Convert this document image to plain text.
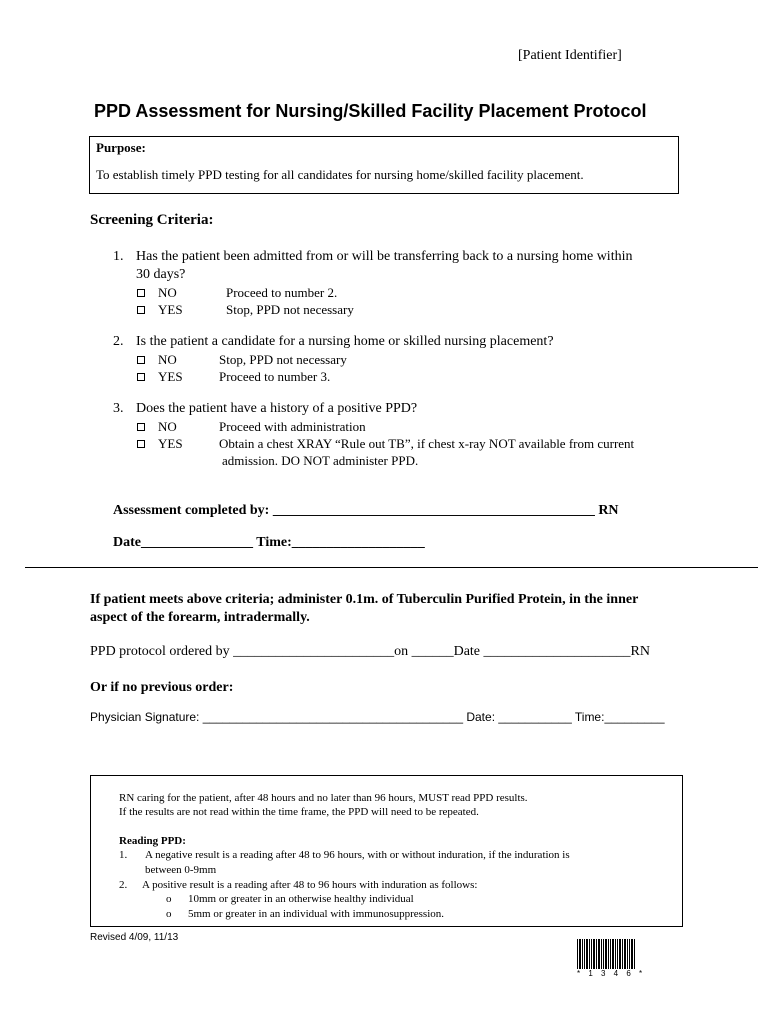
[Patient Identifier]
PPD Assessment for Nursing/Skilled Facility Placement Protocol
Purpose:
To establish timely PPD testing for all candidates for nursing home/skilled facility placement.
Screening Criteria:
1. Has the patient been admitted from or will be transferring back to a nursing home within
30 days?
NO	Proceed to number 2.
YES	Stop, PPD not necessary
2. Is the patient a candidate for a nursing home or skilled nursing placement?
NO	Stop, PPD not necessary
YES	Proceed to number 3.
3. Does the patient have a history of a positive PPD?
NO	Proceed with administration
YES	Obtain a chest XRAY “Rule out TB”, if chest x-ray NOT available from current
admission. DO NOT administer PPD.
Assessment completed by: ______________________________________________ RN
Date________________ Time:___________________
If patient meets above criteria; administer 0.1m. of Tuberculin Purified Protein, in the inner
aspect of the forearm, intradermally.
PPD protocol ordered by _______________________on ______Date _____________________RN
Or if no previous order:
Physician Signature: _______________________________________ Date: ___________ Time:_________
RN caring for the patient, after 48 hours and no later than 96 hours, MUST read PPD results.
If the results are not read within the time frame, the PPD will need to be repeated.
Reading PPD:
1. A negative result is a reading after 48 to 96 hours, with or without induration, if the induration is
between 0-9mm
2. A positive result is a reading after 48 to 96 hours with induration as follows:
o 10mm or greater in an otherwise healthy individual
o 5mm or greater in an individual with immunosuppression.
Revised 4/09, 11/13
* 1 3 4 6 *
